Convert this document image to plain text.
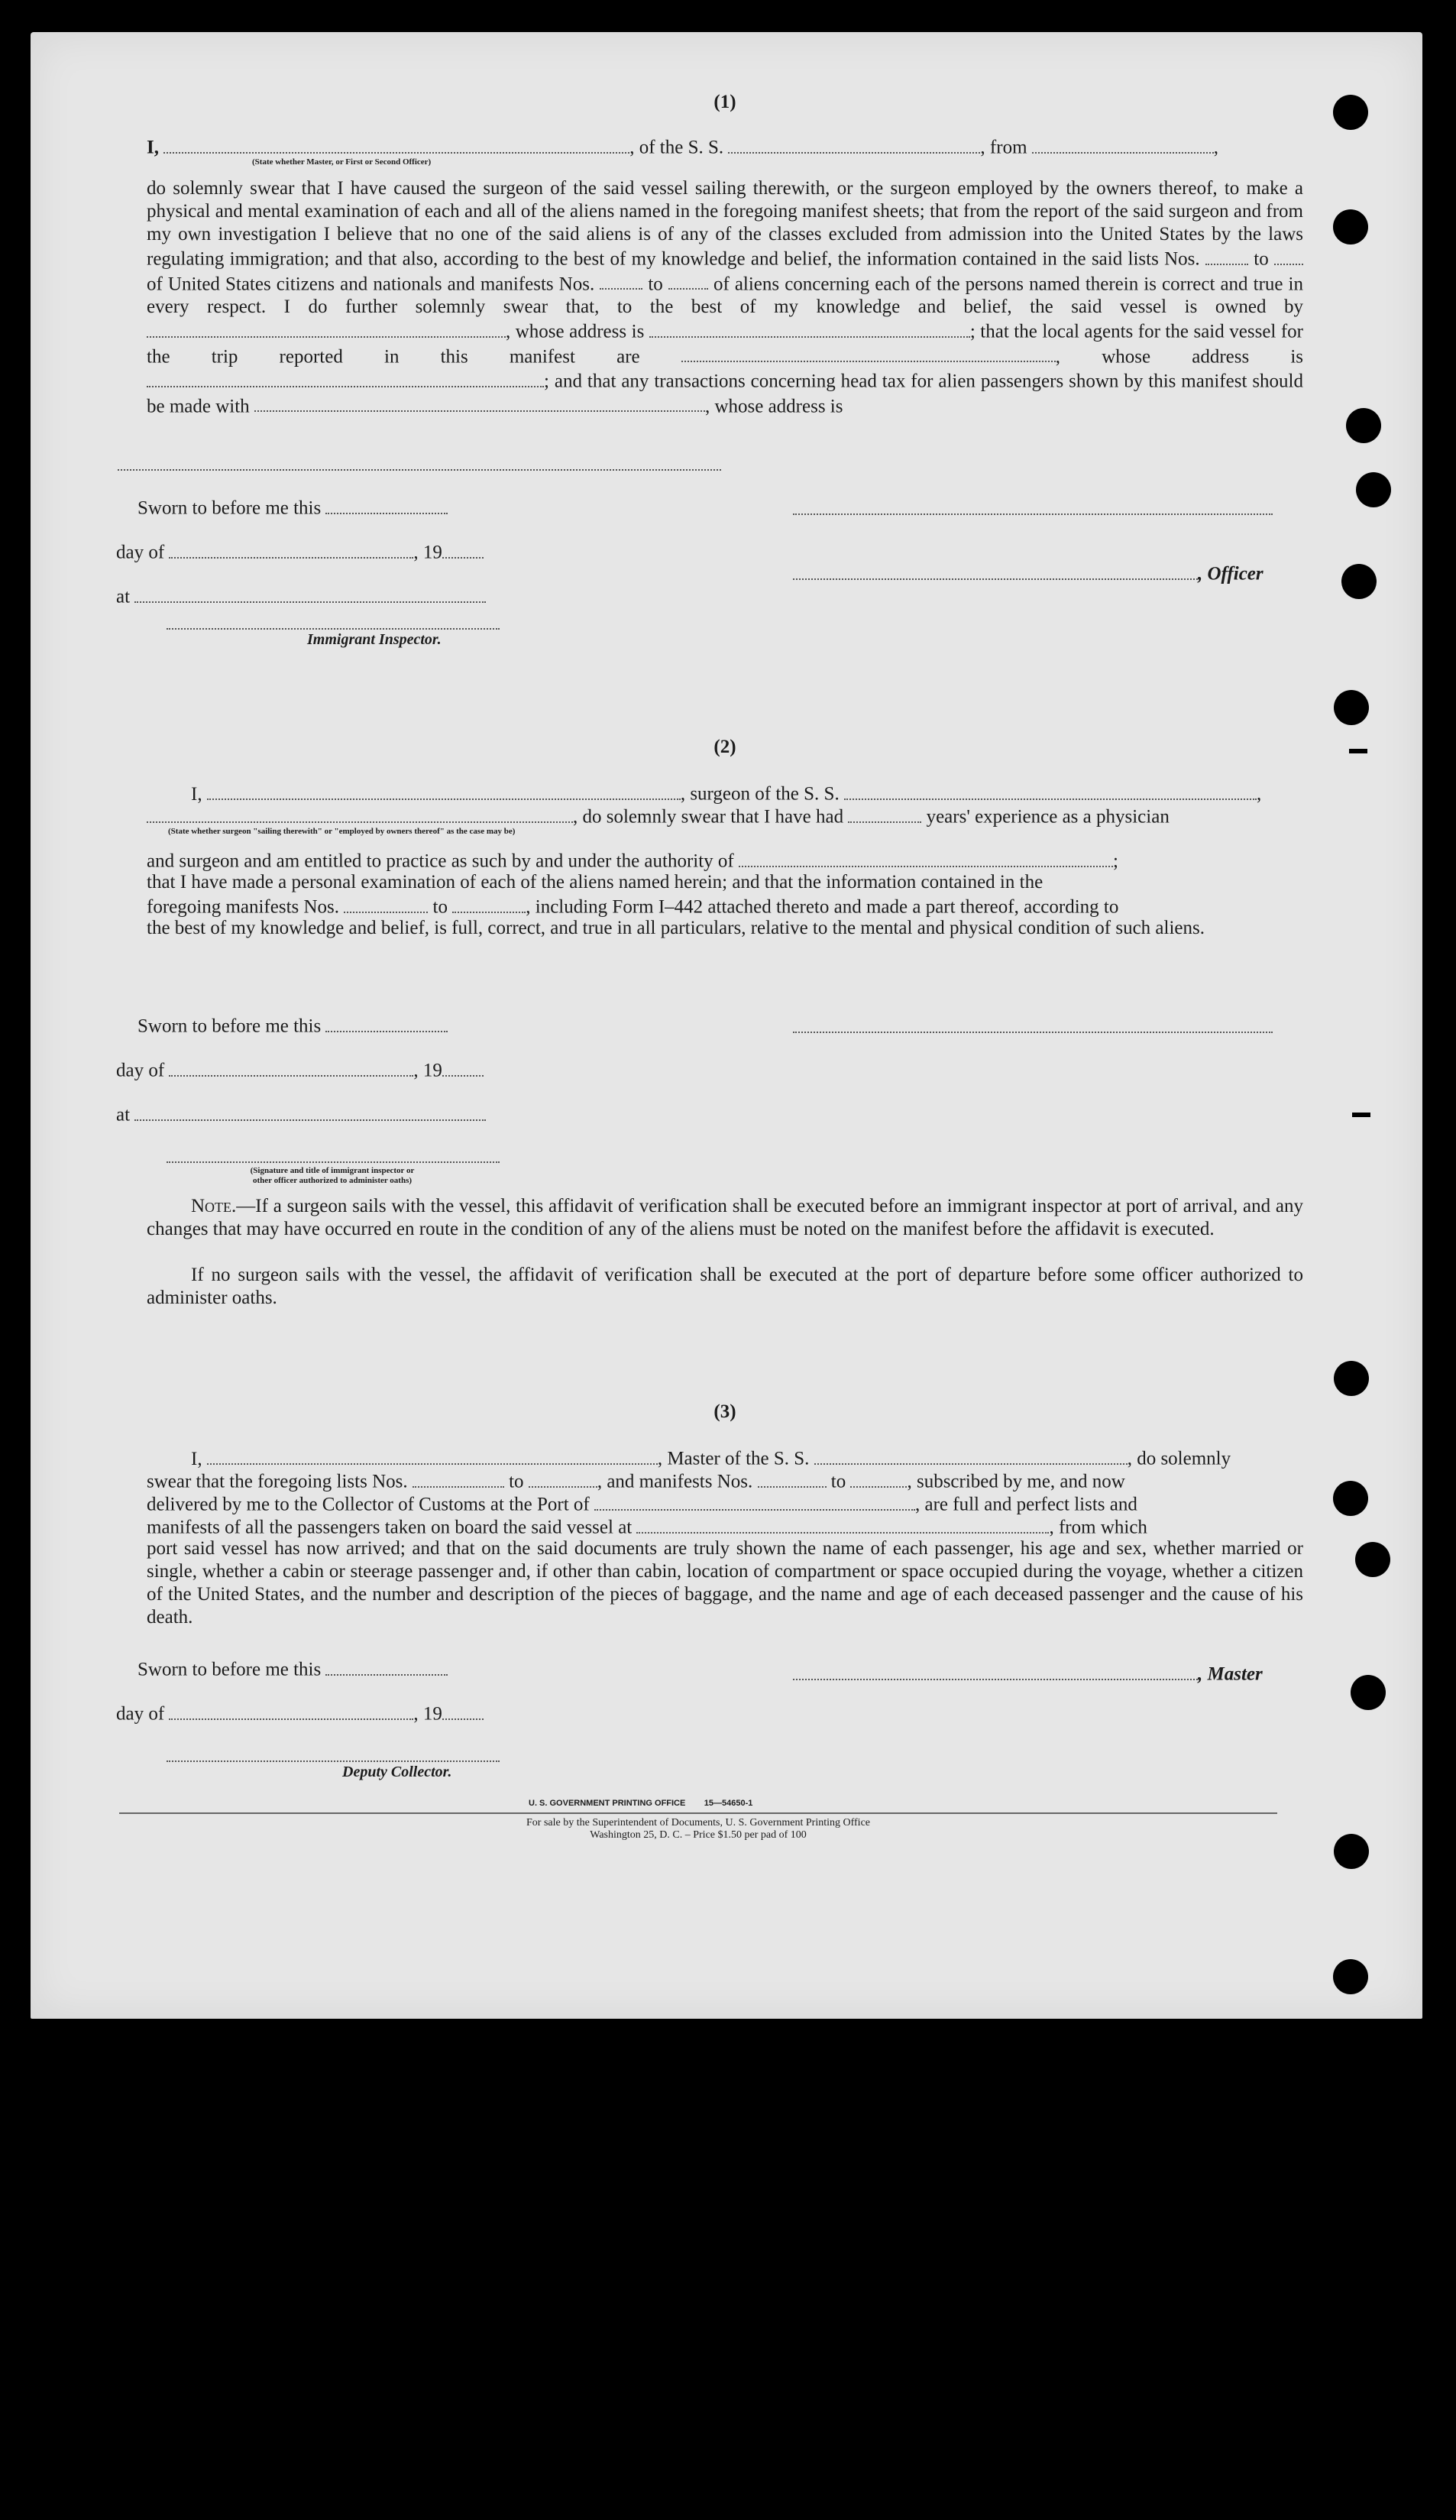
(1)
I,	, of the S. S.	, from	,
(State whether Master, or First or Second Officer)
do solemnly swear that I have caused the surgeon of the said vessel sailing therewith, or the surgeon employed by the owners thereof, to make a physical and mental examination of each and all of the aliens named in the foregoing manifest sheets; that from the report of the said surgeon and from my own investigation I believe that no one of the said aliens is of any of the classes excluded from admission into the United States by the laws regulating immigration; and that also, according to the best of my knowledge and belief, the information contained in the said lists Nos.	to  of United States citizens and nationals and manifests Nos.	to	of aliens concerning each of the persons named therein is correct and true in every respect. I do further solemnly swear that, to the best of my knowledge and belief, the said vessel is owned by , whose address is	; that the local agents for the said vessel for the trip reported in this manifest are	, whose address is ; and that any transactions concerning head tax for alien passengers shown by this manifest should be made with	, whose address is
Sworn to before me this
day of	, 19
, Officer
at
Immigrant Inspector.
(2)
I,	, surgeon of the S. S.	,
, do solemnly swear that I have had	years' experience as a physician
(State whether surgeon "sailing therewith" or "employed by owners thereof" as the case may be)
and surgeon and am entitled to practice as such by and under the authority of	;
that I have made a personal examination of each of the aliens named herein; and that the information contained in the
foregoing manifests Nos.	to	, including Form I–442 attached thereto and made a part thereof, according to
the best of my knowledge and belief, is full, correct, and true in all particulars, relative to the mental and physical condition of such aliens.
Sworn to before me this
day of	, 19
at
(Signature and title of immigrant inspector or
other officer authorized to administer oaths)
Note.—If a surgeon sails with the vessel, this affidavit of verification shall be executed before an immigrant inspector at port of arrival, and any changes that may have occurred en route in the condition of any of the aliens must be noted on the manifest before the affidavit is executed.
If no surgeon sails with the vessel, the affidavit of verification shall be executed at the port of departure before some officer authorized to administer oaths.
(3)
I,	, Master of the S. S.	, do solemnly
swear that the foregoing lists Nos.	to	, and manifests Nos.	to	, subscribed by me, and now
delivered by me to the Collector of Customs at the Port of	, are full and perfect lists and
manifests of all the passengers taken on board the said vessel at	, from which
port said vessel has now arrived; and that on the said documents are truly shown the name of each passenger, his age and sex, whether married or single, whether a cabin or steerage passenger and, if other than cabin, location of compartment or space occupied during the voyage, whether a citizen of the United States, and the number and description of the pieces of baggage, and the name and age of each deceased passenger and the cause of his death.
Sworn to before me this	, Master
day of	, 19
Deputy Collector.
U. S. GOVERNMENT PRINTING OFFICE        15—54650-1
For sale by the Superintendent of Documents, U. S. Government Printing Office
Washington 25, D. C. – Price $1.50 per pad of 100
